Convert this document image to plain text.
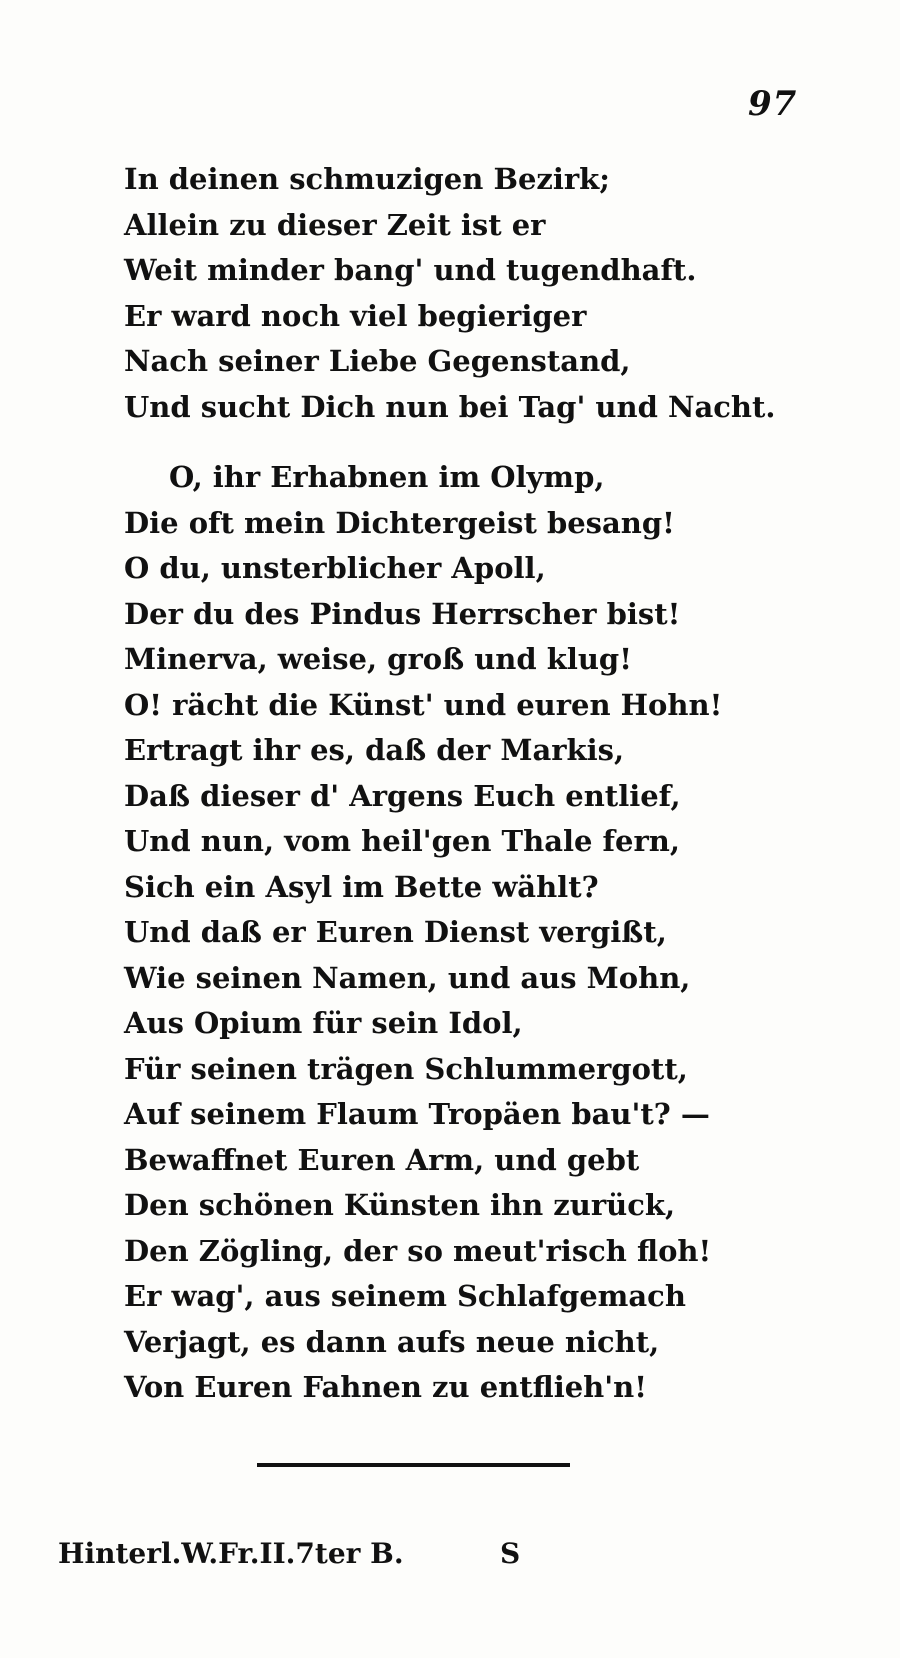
97
In deinen schmuzigen Bezirk;
Allein zu dieser Zeit ist er
Weit minder bang' und tugendhaft.
Er ward noch viel begieriger
Nach seiner Liebe Gegenstand,
Und sucht Dich nun bei Tag' und Nacht.
O, ihr Erhabnen im Olymp,
Die oft mein Dichtergeist besang!
O du, unsterblicher Apoll,
Der du des Pindus Herrscher bist!
Minerva, weise, groß und klug!
O! rächt die Künst' und euren Hohn!
Ertragt ihr es, daß der Markis,
Daß dieser d' Argens Euch entlief,
Und nun, vom heil'gen Thale fern,
Sich ein Asyl im Bette wählt?
Und daß er Euren Dienst vergißt,
Wie seinen Namen, und aus Mohn,
Aus Opium für sein Idol,
Für seinen trägen Schlummergott,
Auf seinem Flaum Tropäen bau't? —
Bewaffnet Euren Arm, und gebt
Den schönen Künsten ihn zurück,
Den Zögling, der so meut'risch floh!
Er wag', aus seinem Schlafgemach
Verjagt, es dann aufs neue nicht,
Von Euren Fahnen zu entflieh'n!
Hinterl.W.Fr.II.7ter B.	S
